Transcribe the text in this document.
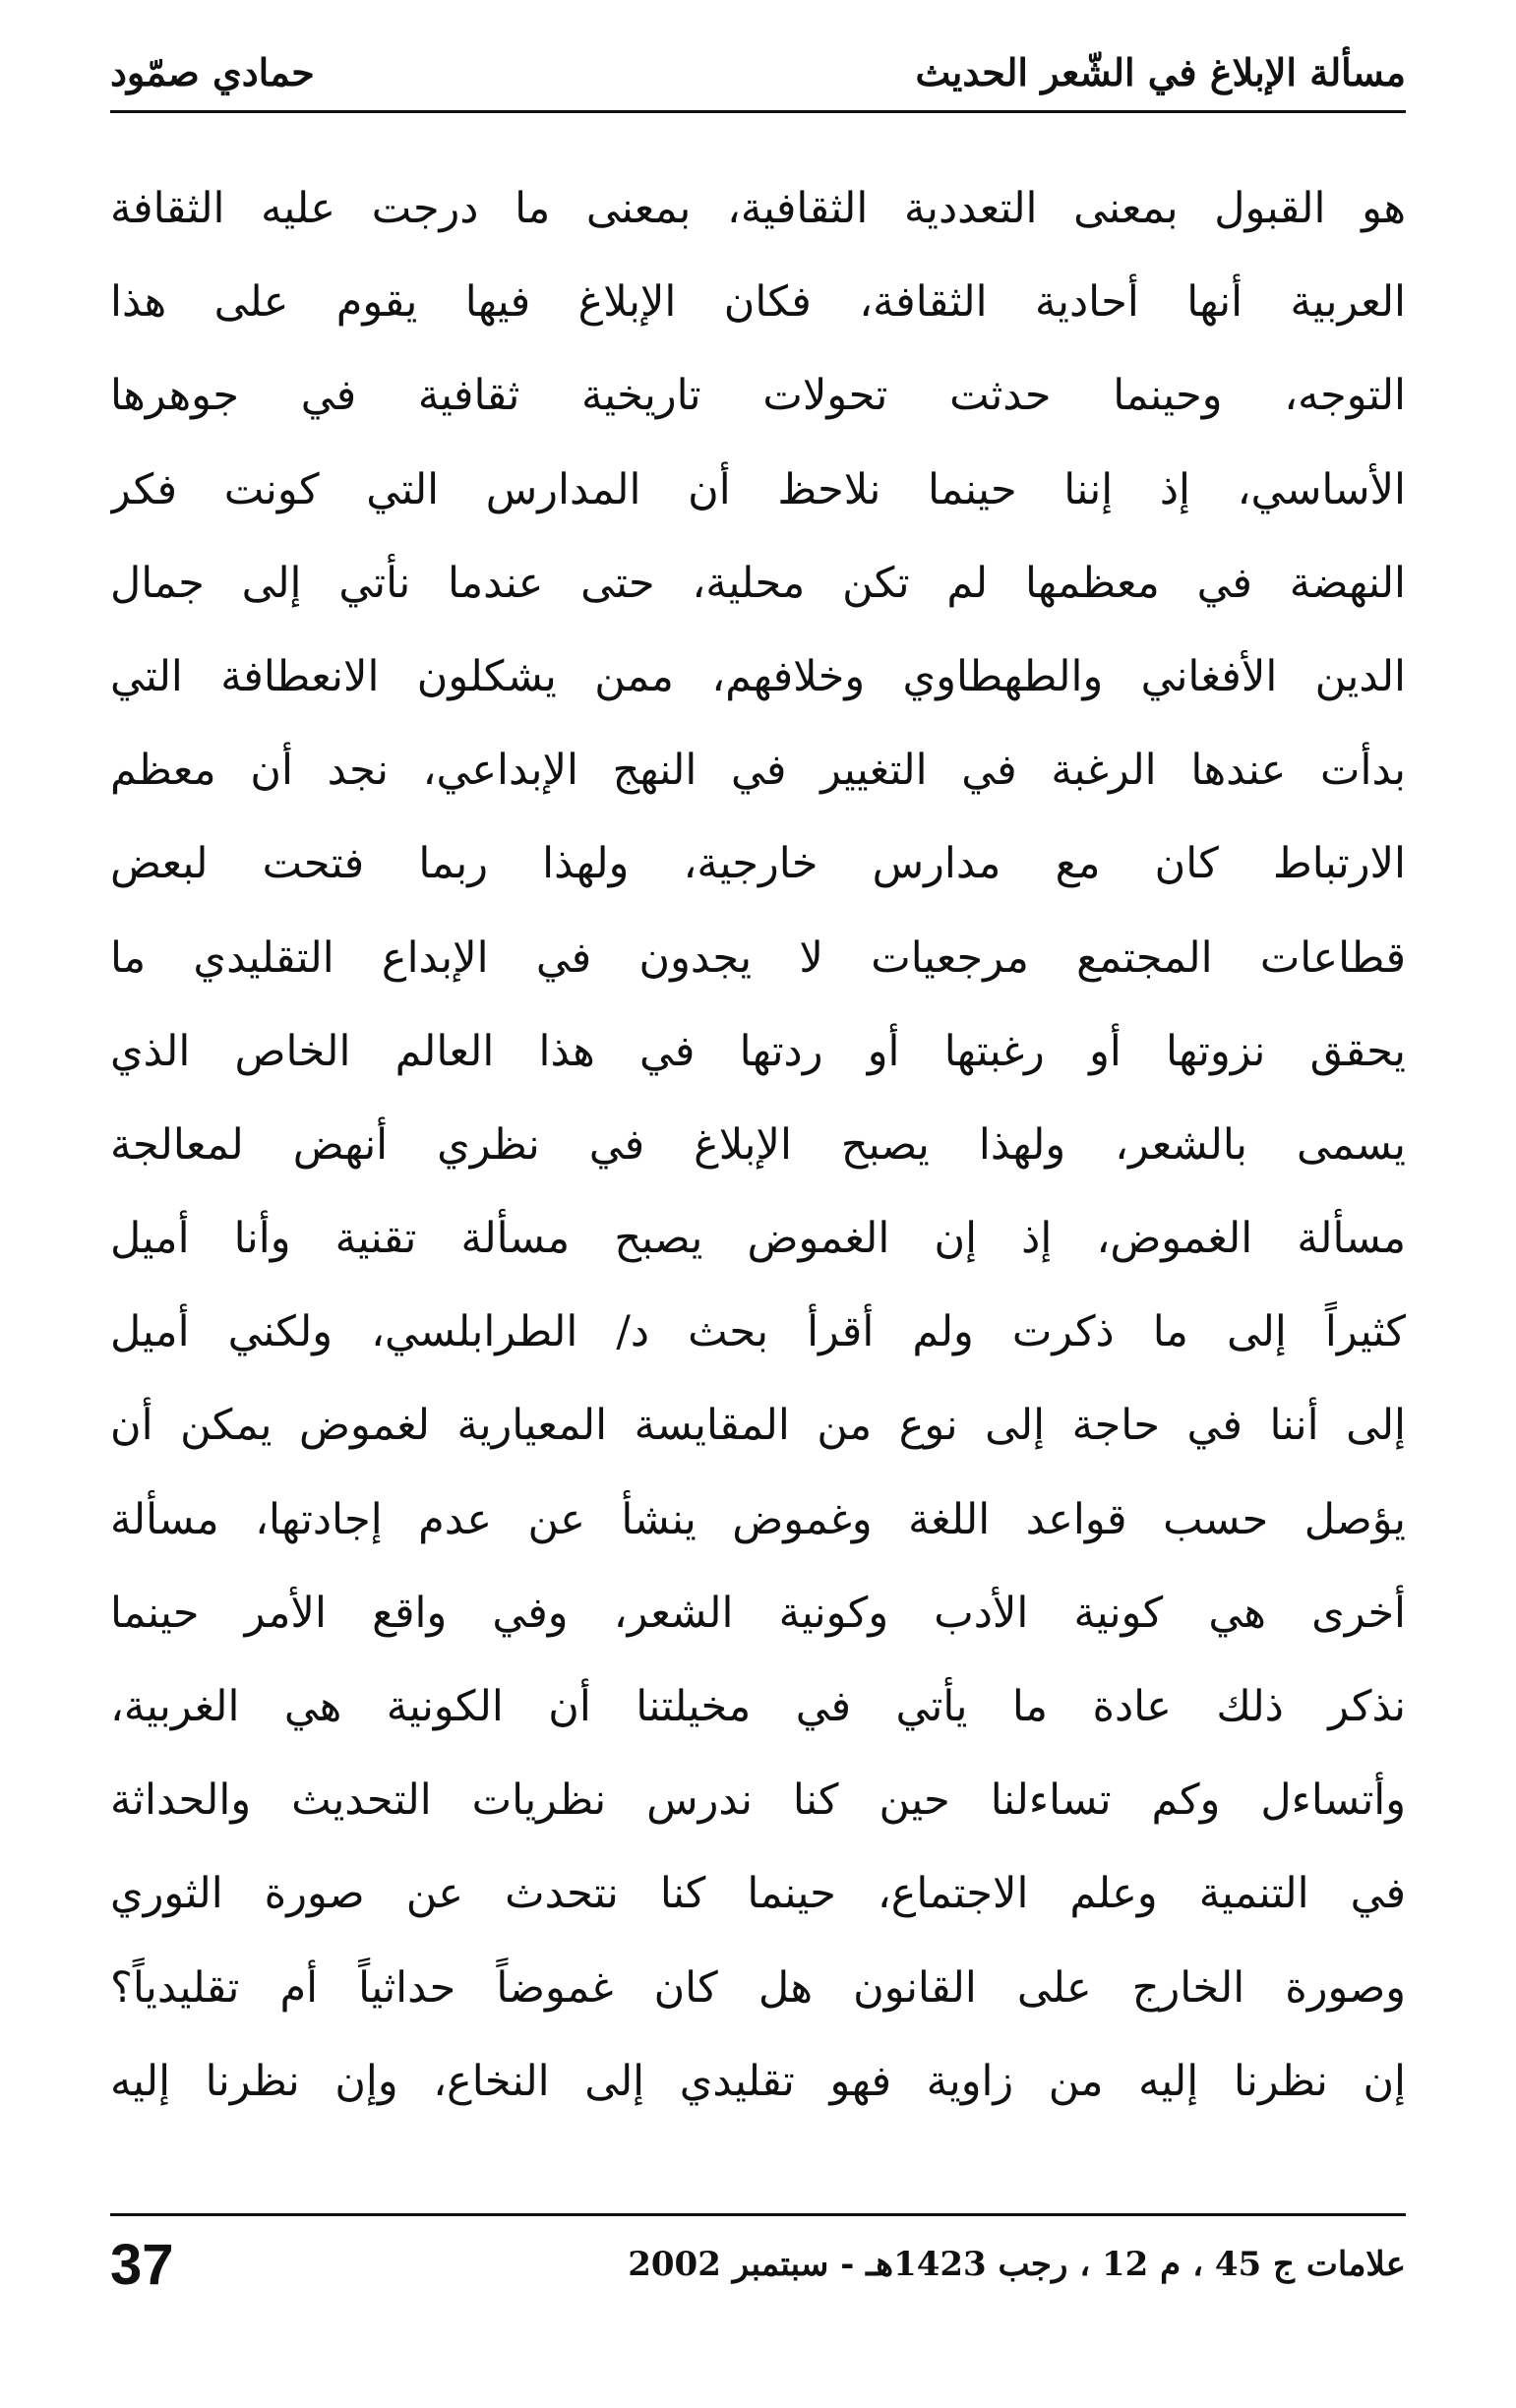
مسألة الإبلاغ في الشّعر الحديث
حمادي صمّود
هو القبول بمعنى التعددية الثقافية، بمعنى ما درجت عليه الثقافة
العربية أنها أحادية الثقافة، فكان الإبلاغ فيها يقوم على هذا
التوجه، وحينما حدثت تحولات تاريخية ثقافية في جوهرها
الأساسي، إذ إننا حينما نلاحظ أن المدارس التي كونت فكر
النهضة في معظمها لم تكن محلية، حتى عندما نأتي إلى جمال
الدين الأفغاني والطهطاوي وخلافهم، ممن يشكلون الانعطافة التي
بدأت عندها الرغبة في التغيير في النهج الإبداعي، نجد أن معظم
الارتباط كان مع مدارس خارجية، ولهذا ربما فتحت لبعض
قطاعات المجتمع مرجعيات لا يجدون في الإبداع التقليدي ما
يحقق نزوتها أو رغبتها أو ردتها في هذا العالم الخاص الذي
يسمى بالشعر، ولهذا يصبح الإبلاغ في نظري أنهض لمعالجة
مسألة الغموض، إذ إن الغموض يصبح مسألة تقنية وأنا أميل
كثيراً إلى ما ذكرت ولم أقرأ بحث د/ الطرابلسي، ولكني أميل
إلى أننا في حاجة إلى نوع من المقايسة المعيارية لغموض يمكن أن
يؤصل حسب قواعد اللغة وغموض ينشأ عن عدم إجادتها، مسألة
أخرى هي كونية الأدب وكونية الشعر، وفي واقع الأمر حينما
نذكر ذلك عادة ما يأتي في مخيلتنا أن الكونية هي الغربية،
وأتساءل وكم تساءلنا حين كنا ندرس نظريات التحديث والحداثة
في التنمية وعلم الاجتماع، حينما كنا نتحدث عن صورة الثوري
وصورة الخارج على القانون هل كان غموضاً حداثياً أم تقليدياً؟
إن نظرنا إليه من زاوية فهو تقليدي إلى النخاع، وإن نظرنا إليه
علامات ج 45 ، م 12 ، رجب 1423هـ - سبتمبر 2002
37
